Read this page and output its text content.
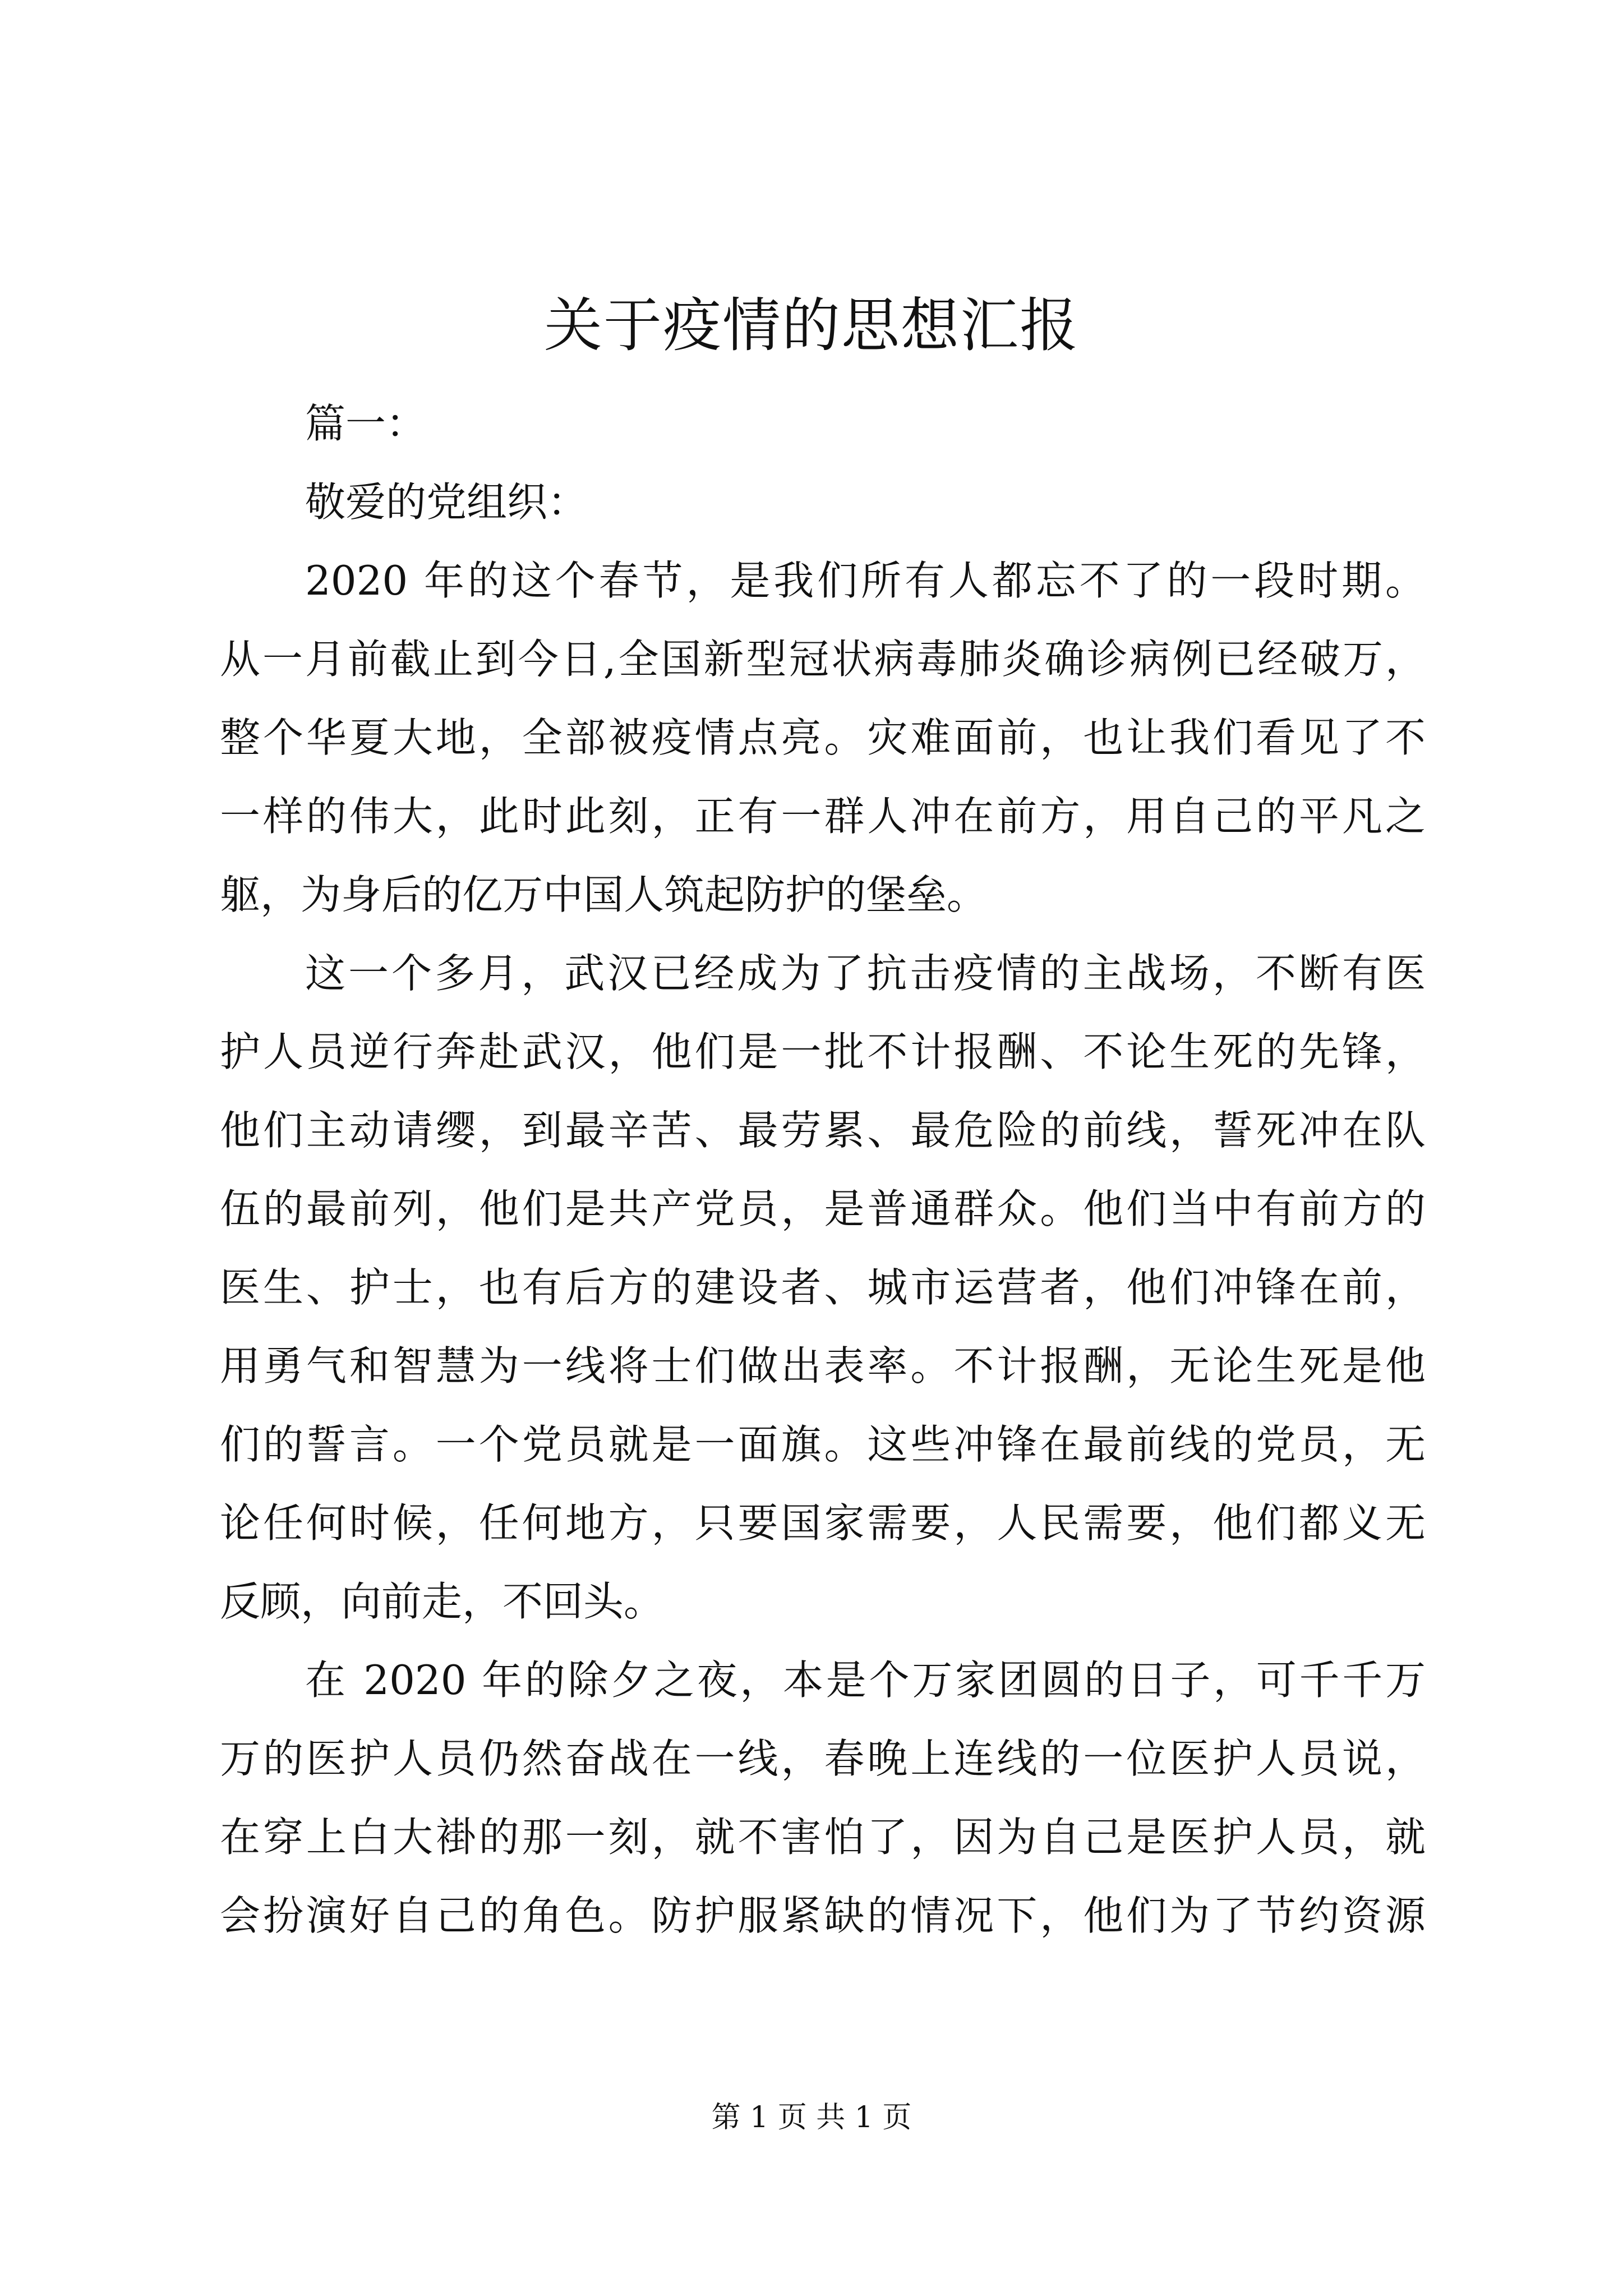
关于疫情的思想汇报
篇一：
敬爱的党组织：
2020 年的这个春节，是我们所有人都忘不了的一段时期。
从一月前截止到今日,全国新型冠状病毒肺炎确诊病例已经破万，
整个华夏大地，全部被疫情点亮。灾难面前，也让我们看见了不
一样的伟大，此时此刻，正有一群人冲在前方，用自己的平凡之
躯，为身后的亿万中国人筑起防护的堡垒。
这一个多月，武汉已经成为了抗击疫情的主战场，不断有医
护人员逆行奔赴武汉，他们是一批不计报酬、不论生死的先锋，
他们主动请缨，到最辛苦、最劳累、最危险的前线，誓死冲在队
伍的最前列，他们是共产党员，是普通群众。他们当中有前方的
医生、护士，也有后方的建设者、城市运营者，他们冲锋在前，
用勇气和智慧为一线将士们做出表率。不计报酬，无论生死是他
们的誓言。一个党员就是一面旗。这些冲锋在最前线的党员，无
论任何时候，任何地方，只要国家需要，人民需要，他们都义无
反顾，向前走，不回头。
在 2020 年的除夕之夜，本是个万家团圆的日子，可千千万
万的医护人员仍然奋战在一线，春晚上连线的一位医护人员说，
在穿上白大褂的那一刻，就不害怕了，因为自己是医护人员，就
会扮演好自己的角色。防护服紧缺的情况下，他们为了节约资源
第 1 页 共 1 页
